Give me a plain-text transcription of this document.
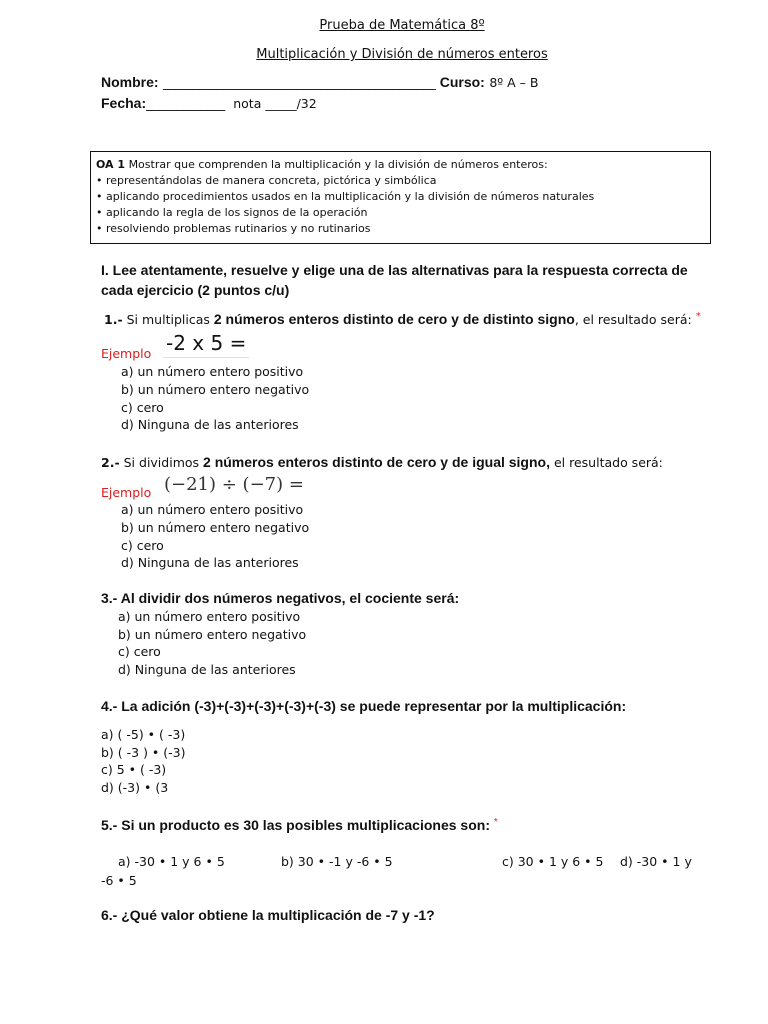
Prueba de Matemática 8º
Multiplicación y División de números enteros
Nombre: _____________________________________________ Curso: 8º A – B
Fecha:_____________ nota _____/32
OA 1 Mostrar que comprenden la multiplicación y la división de números enteros:
• representándolas de manera concreta, pictórica y simbólica
• aplicando procedimientos usados en la multiplicación y la división de números naturales
• aplicando la regla de los signos de la operación
• resolviendo problemas rutinarios y no rutinarios
I. Lee atentamente, resuelve y elige una de las alternativas para la respuesta correcta de
cada ejercicio (2 puntos c/u)
1.- Si multiplicas 2 números enteros distinto de cero y de distinto signo, el resultado será: *
Ejemplo -2 x 5 =
a) un número entero positivo
b) un número entero negativo
c) cero
d) Ninguna de las anteriores
2.- Si dividimos 2 números enteros distinto de cero y de igual signo, el resultado será:
Ejemplo (−21) ÷ (−7) =
a) un número entero positivo
b) un número entero negativo
c) cero
d) Ninguna de las anteriores
3.- Al dividir dos números negativos, el cociente será:
a) un número entero positivo
b) un número entero negativo
c) cero
d) Ninguna de las anteriores
4.- La adición (-3)+(-3)+(-3)+(-3)+(-3) se puede representar por la multiplicación:
a) ( -5) • ( -3)
b) ( -3 ) • (-3)
c) 5 • ( -3)
d) (-3) • (3
5.- Si un producto es 30 las posibles multiplicaciones son: *
a) -30 • 1 y 6 • 5	b) 30 • -1 y -6 • 5	c) 30 • 1 y 6 • 5 d) -30 • 1 y
-6 • 5
6.- ¿Qué valor obtiene la multiplicación de -7 y -1?
